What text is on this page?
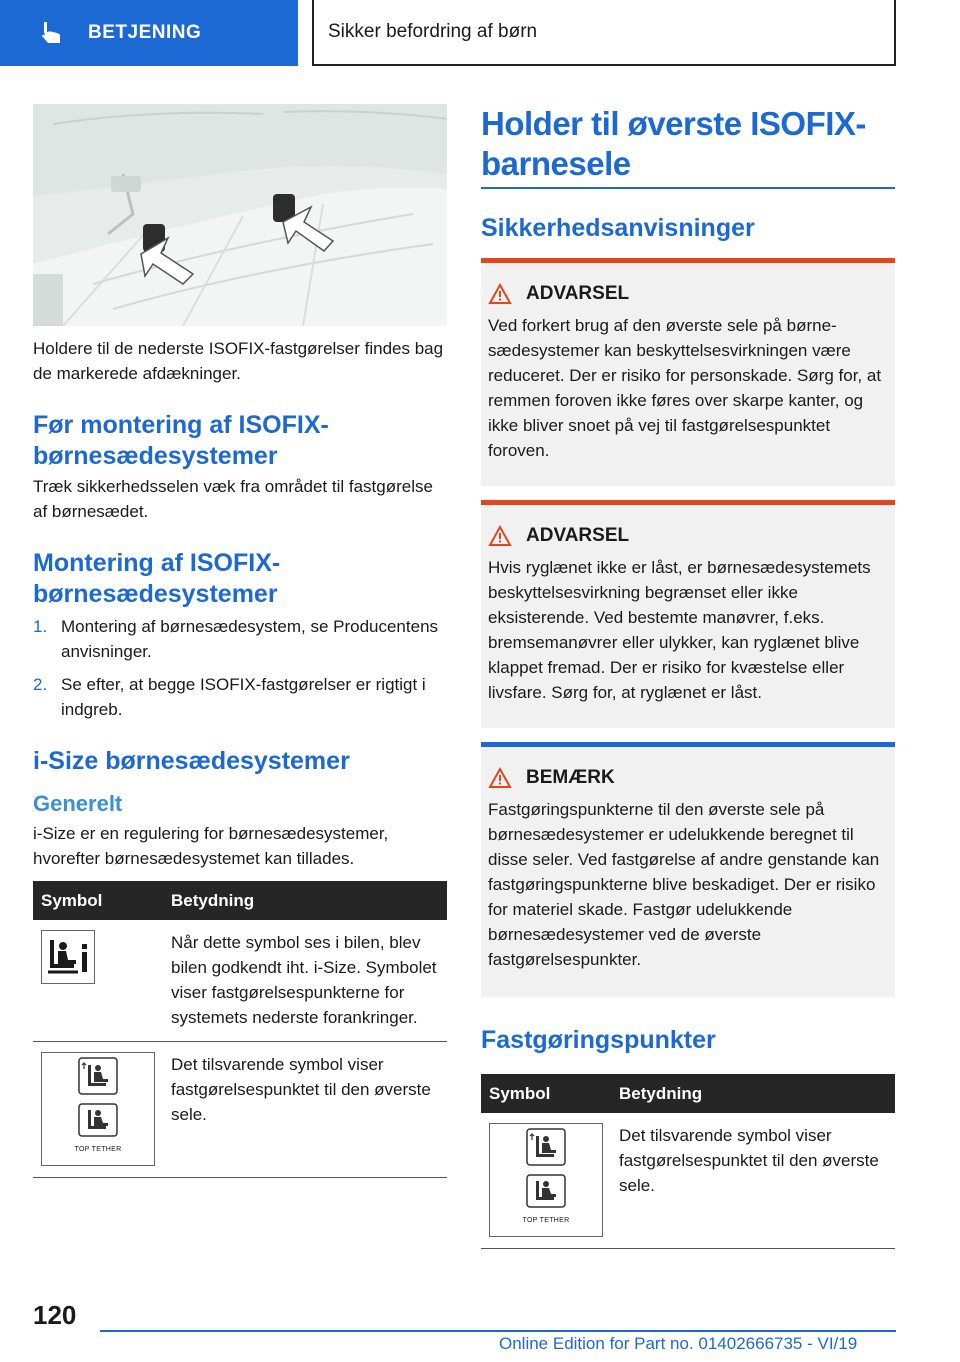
BETJENING	Sikker befordring af børn

Holdere til de nederste ISOFIX-fastgørelser findes bag de markerede afdækninger.

Før montering af ISOFIX-børnesædesystemer

Træk sikkerhedsselen væk fra området til fastgørelse af børnesædet.

Montering af ISOFIX-børnesædesystemer
1. Montering af børnesædesystem, se Producentens anvisninger.
2. Se efter, at begge ISOFIX-fastgørelser er rigtigt i indgreb.
i-Size børnesædesystemer
Generelt

i-Size er en regulering for børnesædesystemer, hvorefter børnesædesystemet kan tillades.

Symbol	Betydning

	Når dette symbol ses i bilen, blev bilen godkendt iht. i-Size. Symbolet viser fastgørelsespunkterne for systemets nederste forankringer.

TOP TETHER	Det tilsvarende symbol viser fastgørelsespunktet til den øverste sele.
Holder til øverste ISOFIX-barnesele
Sikkerhedsanvisninger
ADVARSEL

Ved forkert brug af den øverste sele på børnesædesystemer kan beskyttelsesvirkningen være reduceret. Der er risiko for personskade. Sørg for, at remmen foroven ikke føres over skarpe kanter, og ikke bliver snoet på vej til fastgørelsespunktet foroven.

ADVARSEL

Hvis ryglænet ikke er låst, er børnesædesystemets beskyttelsesvirkning begrænset eller ikke eksisterende. Ved bestemte manøvrer, f.eks. bremsemanøvrer eller ulykker, kan ryglænet blive klappet fremad. Der er risiko for kvæstelse eller livsfare. Sørg for, at ryglænet er låst.

BEMÆRK

Fastgøringspunkterne til den øverste sele på børnesædesystemer er udelukkende beregnet til disse seler. Ved fastgørelse af andre genstande kan fastgøringspunkterne blive beskadiget. Der er risiko for materiel skade. Fastgør udelukkende børnesædesystemer ved de øverste fastgørelsespunkter.

Fastgøringspunkter
Symbol	Betydning

TOP TETHER	Det tilsvarende symbol viser fastgørelsespunktet til den øverste sele.
120
Online Edition for Part no. 01402666735 - VI/19
